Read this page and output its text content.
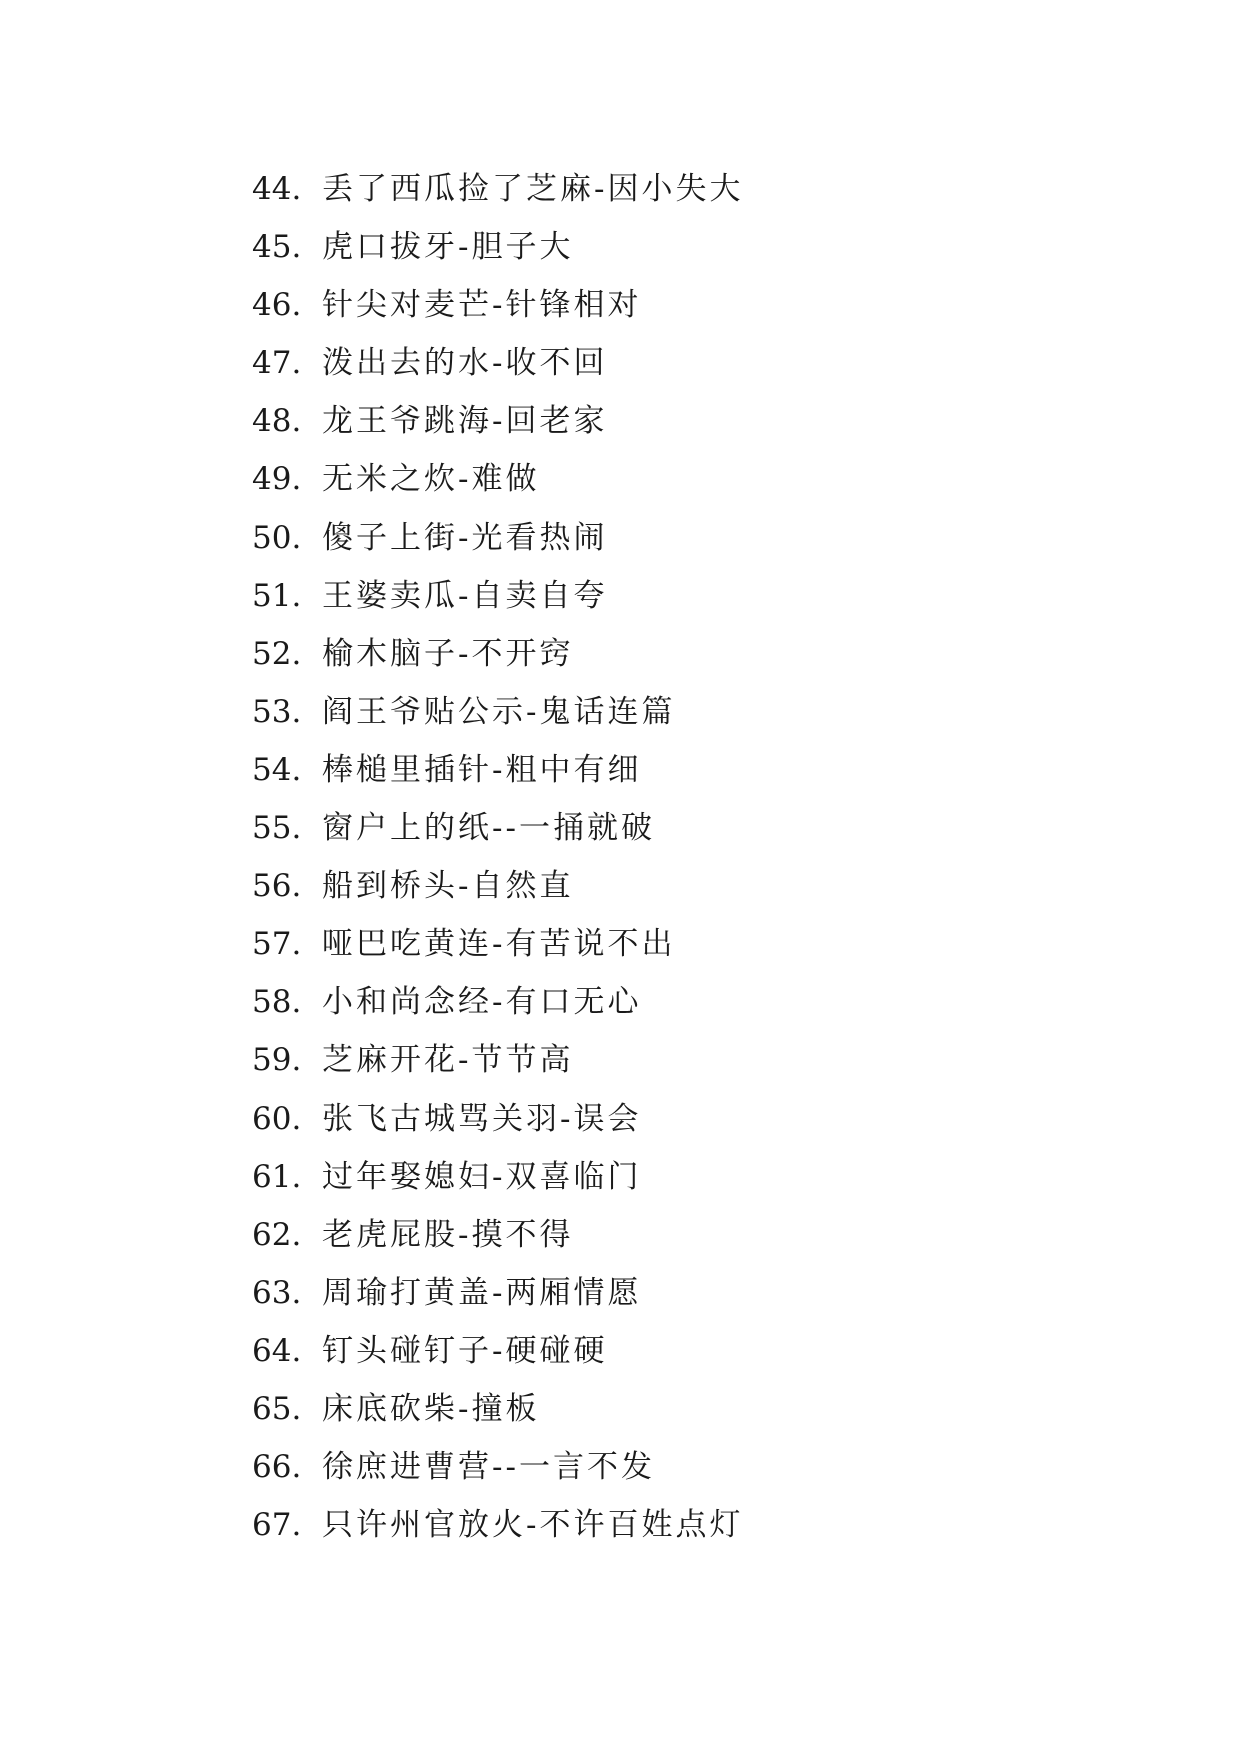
44. 丢了西瓜捡了芝麻-因小失大
45. 虎口拔牙-胆子大
46. 针尖对麦芒-针锋相对
47. 泼出去的水-收不回
48. 龙王爷跳海-回老家
49. 无米之炊-难做
50. 傻子上街-光看热闹
51. 王婆卖瓜-自卖自夸
52. 榆木脑子-不开窍
53. 阎王爷贴公示-鬼话连篇
54. 棒槌里插针-粗中有细
55. 窗户上的纸--一捅就破
56. 船到桥头-自然直
57. 哑巴吃黄连-有苦说不出
58. 小和尚念经-有口无心
59. 芝麻开花-节节高
60. 张飞古城骂关羽-误会
61. 过年娶媳妇-双喜临门
62. 老虎屁股-摸不得
63. 周瑜打黄盖-两厢情愿
64. 钉头碰钉子-硬碰硬
65. 床底砍柴-撞板
66. 徐庶进曹营--一言不发
67. 只许州官放火-不许百姓点灯
